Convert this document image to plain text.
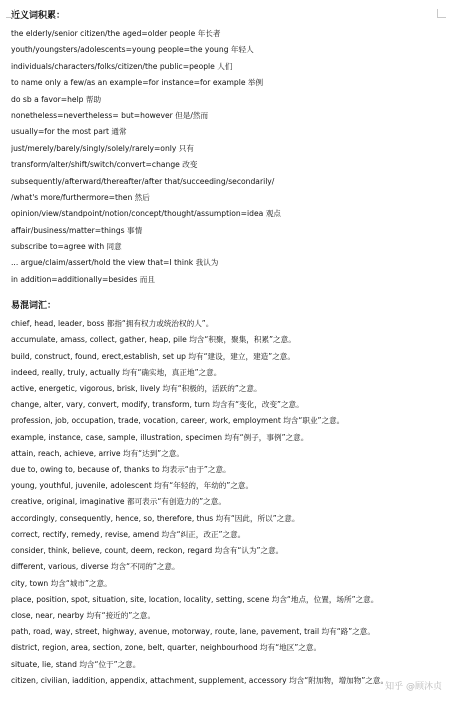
近义词积累：
the elderly/senior citizen/the aged=older people 年长者
youth/youngsters/adolescents=young people=the young 年轻人
individuals/characters/folks/citizen/the public=people 人们
to name only a few/as an example=for instance=for example 举例
do sb a favor=help 帮助
nonetheless=nevertheless= but=however 但是/然而
usually=for the most part 通常
just/merely/barely/singly/solely/rarely=only 只有
transform/alter/shift/switch/convert=change 改变
subsequently/afterward/thereafter/after that/succeeding/secondarily/
/what's more/furthermore=then 然后
opinion/view/standpoint/notion/concept/thought/assumption=idea 观点
affair/business/matter=things 事情
subscribe to=agree with 同意
... argue/claim/assert/hold the view that=I think 我认为
in addition=additionally=besides 而且
易混词汇：
chief, head, leader, boss 都指“拥有权力或统治权的人”。
accumulate, amass, collect, gather, heap, pile 均含“积聚，聚集，积累”之意。
build, construct, found, erect,establish, set up 均有“建设，建立，建造”之意。
indeed, really, truly, actually 均有“确实地，真正地”之意。
active, energetic, vigorous, brisk, lively 均有“积极的，活跃的”之意。
change, alter, vary, convert, modify, transform, turn 均含有“变化，改变”之意。
profession, job, occupation, trade, vocation, career, work, employment 均含“职业”之意。
example, instance, case, sample, illustration, specimen 均有“例子，事例”之意。
attain, reach, achieve, arrive 均有“达到”之意。
due to, owing to, because of, thanks to 均表示“由于”之意。
young, youthful, juvenile, adolescent 均有“年轻的，年幼的”之意。
creative, original, imaginative 都可表示“有创造力的”之意。
accordingly, consequently, hence, so, therefore, thus 均有“因此，所以”之意。
correct, rectify, remedy, revise, amend 均含“纠正，改正”之意。
consider, think, believe, count, deem, reckon, regard 均含有“认为”之意。
different, various, diverse 均含“不同的”之意。
city, town 均含“城市”之意。
place, position, spot, situation, site, location, locality, setting, scene 均含“地点，位置，场所”之意。
close, near, nearby 均有“接近的”之意。
path, road, way, street, highway, avenue, motorway, route, lane, pavement, trail 均有“路”之意。
district, region, area, section, zone, belt, quarter, neighbourhood 均有“地区”之意。
situate, lie, stand 均含“位于”之意。
citizen, civilian, iaddition, appendix, attachment, supplement, accessory 均含“附加物，增加物”之意。
知乎 @顾沐贞
